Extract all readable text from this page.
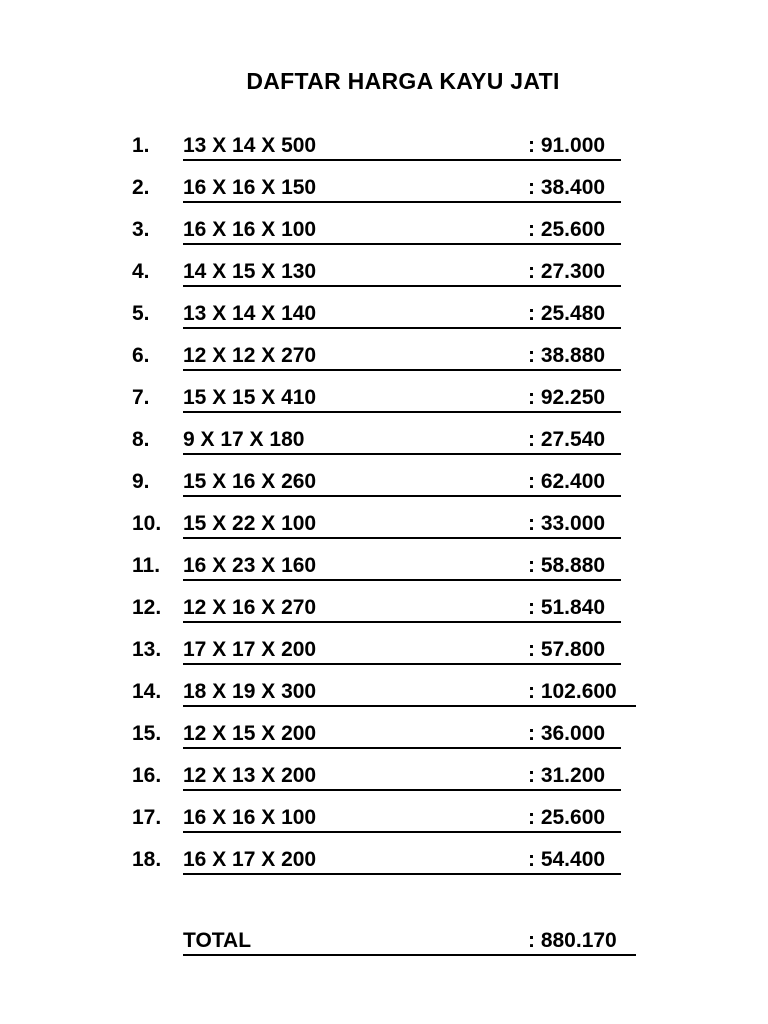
DAFTAR HARGA KAYU JATI
1. 13 X 14 X 500	: 91.000
2. 16 X 16 X 150	: 38.400
3. 16 X 16 X 100	: 25.600
4. 14 X 15 X 130	: 27.300
5. 13 X 14 X 140	: 25.480
6. 12 X 12 X 270	: 38.880
7. 15 X 15 X 410	: 92.250
8. 9 X 17 X 180	: 27.540
9. 15 X 16 X 260	: 62.400
10. 15 X 22 X 100	: 33.000
11. 16 X 23 X 160	: 58.880
12. 12 X 16 X 270	: 51.840
13. 17 X 17 X 200	: 57.800
14. 18 X 19 X 300	: 102.600
15. 12 X 15 X 200	: 36.000
16. 12 X 13 X 200	: 31.200
17. 16 X 16 X 100	: 25.600
18. 16 X 17 X 200	: 54.400
TOTAL	: 880.170
